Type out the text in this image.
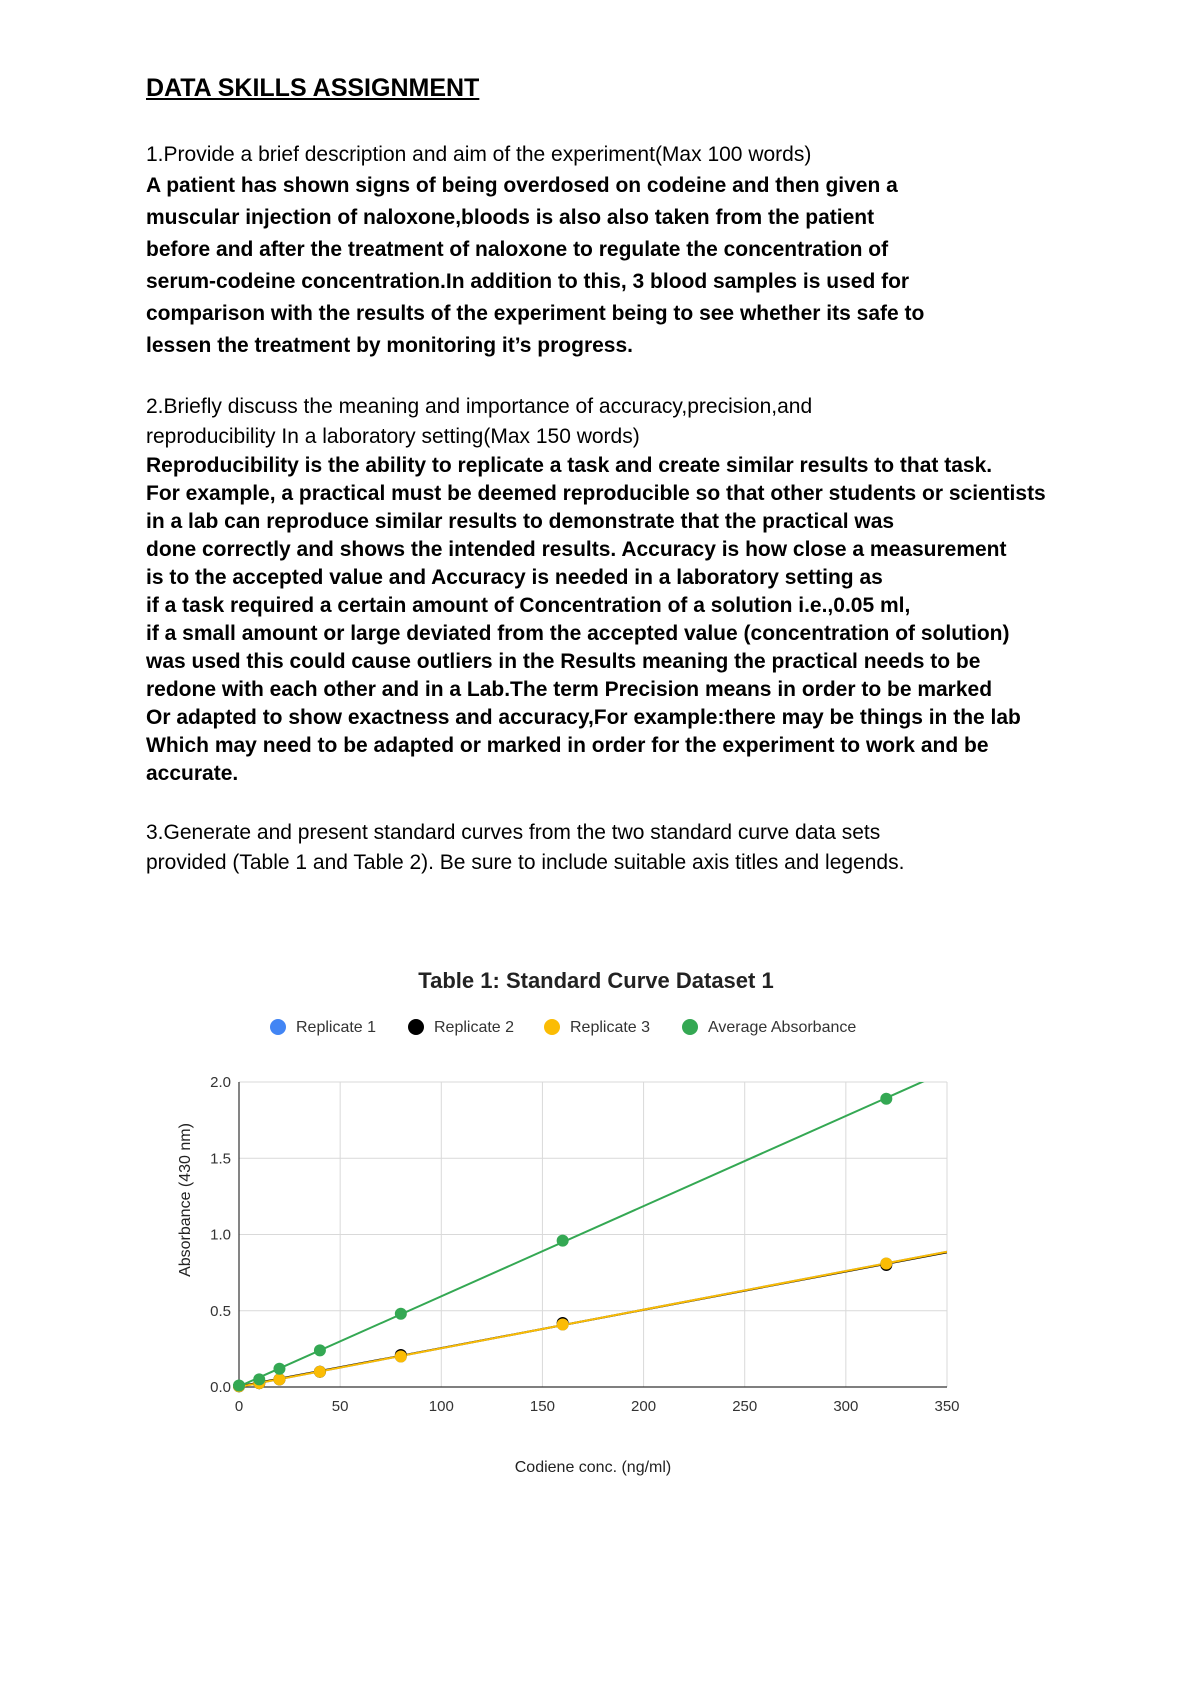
DATA SKILLS ASSIGNMENT
1.Provide a brief description and aim of the experiment(Max 100 words)
A patient has shown signs of being overdosed on codeine and then given a
muscular injection of naloxone,bloods is also also taken from the patient
before and after the treatment of naloxone to regulate the concentration of
serum-codeine concentration.In addition to this, 3 blood samples is used for
comparison with the results of the experiment being to see whether its safe to
lessen the treatment by monitoring it’s progress.
2.Briefly discuss the meaning and importance of accuracy,precision,and
reproducibility In a laboratory setting(Max 150 words)
Reproducibility is the ability to replicate a task and create similar results to that task.
For example, a practical must be deemed reproducible so that other students or scientists
in a lab can reproduce similar results to demonstrate that the practical was
done correctly and shows the intended results. Accuracy is how close a measurement
is to the accepted value and Accuracy is needed in a laboratory setting as
if a task required a certain amount of Concentration of a solution i.e.,0.05 ml,
if a small amount or large deviated from the accepted value (concentration of solution)
was used this could cause outliers in the Results meaning the practical needs to be
redone with each other and in a Lab.The term Precision means in order to be marked
Or adapted to show exactness and accuracy,For example:there may be things in the lab
Which may need to be adapted or marked in order for the experiment to work and be
accurate.
3.Generate and present standard curves from the two standard curve data sets
provided (Table 1 and Table 2). Be sure to include suitable axis titles and legends.
Table 1: Standard Curve Dataset 1
Replicate 1	Replicate 2	Replicate 3	Average Absorbance
0	50	100	150	200	250	300	350
0.0
0.5
1.0
1.5
2.0
Codiene conc. (ng/ml)
Absorbance (430 nm)
